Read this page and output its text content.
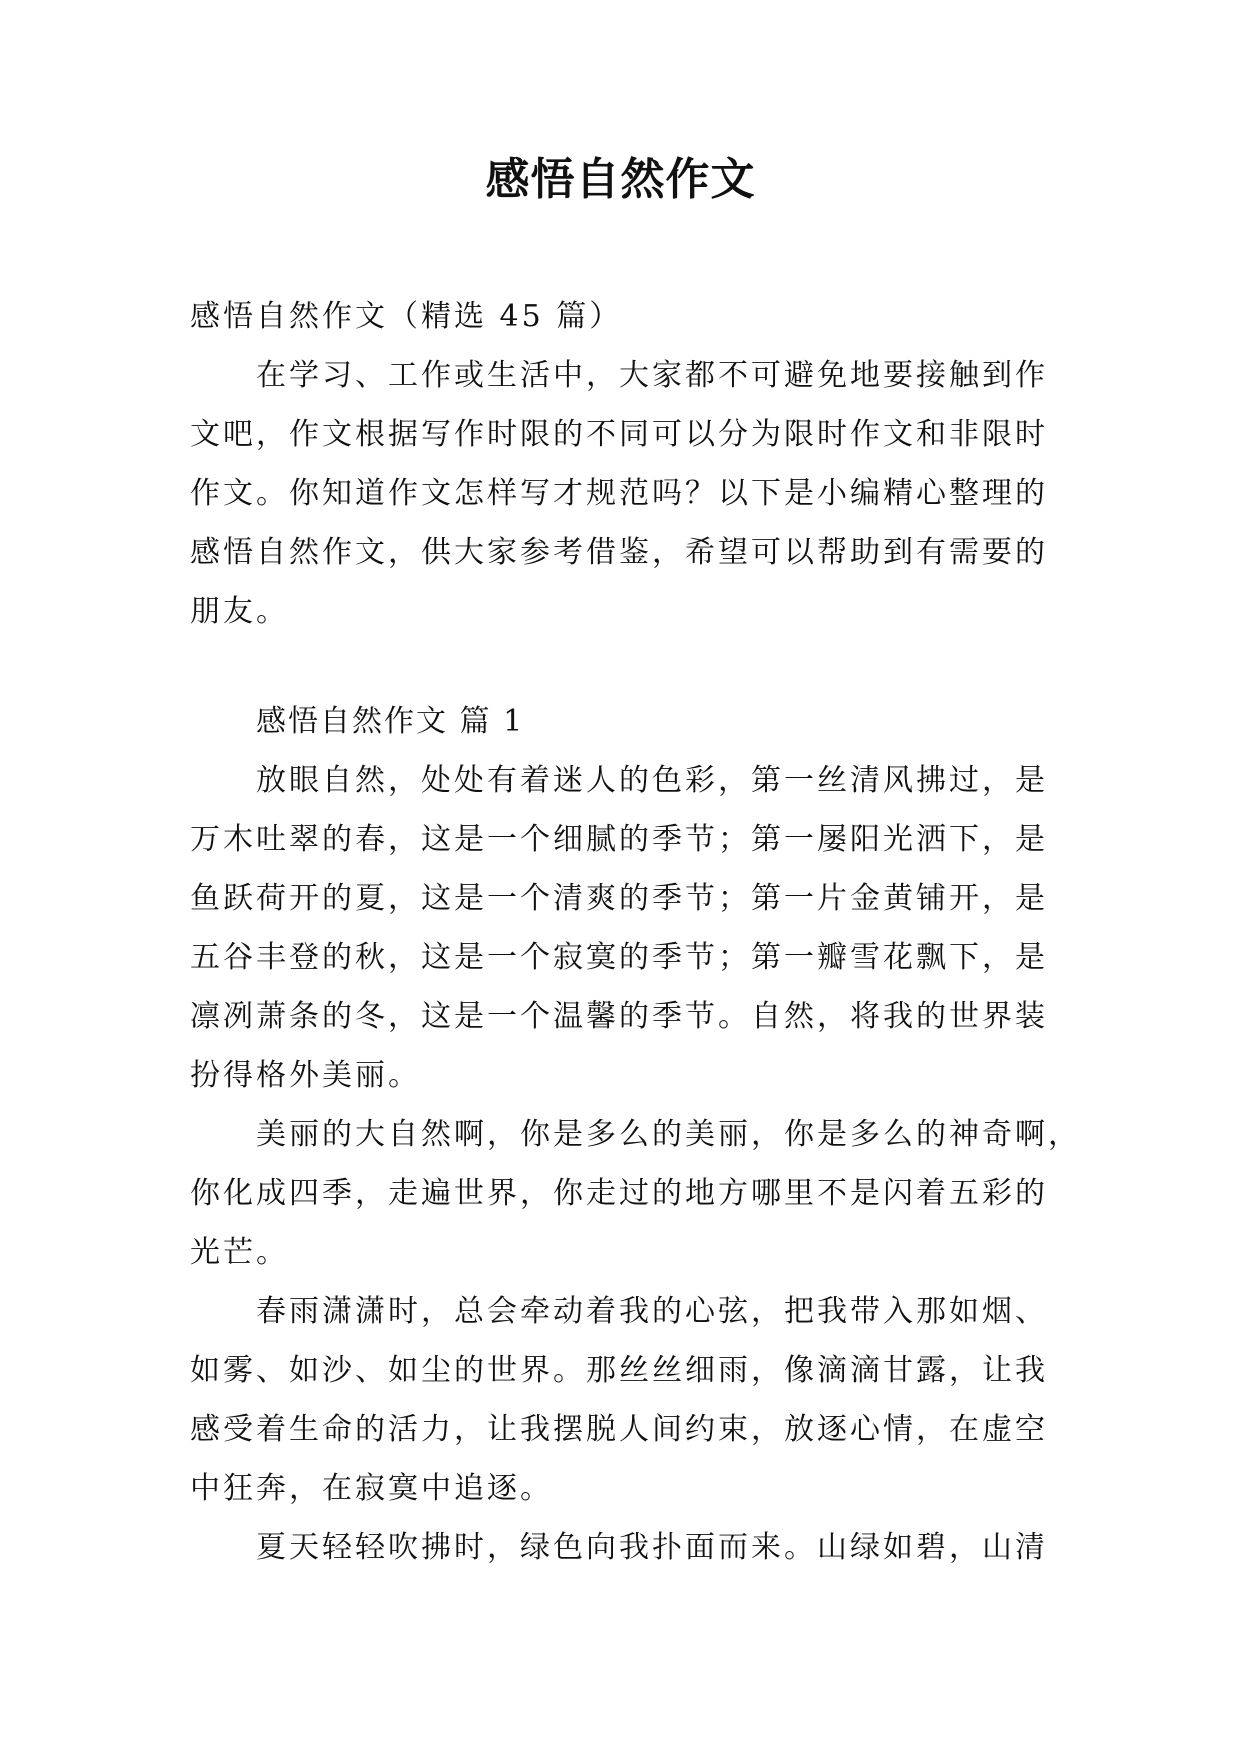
感悟自然作文
感悟自然作文（精选 45 篇）
在学习、工作或生活中，大家都不可避免地要接触到作
文吧，作文根据写作时限的不同可以分为限时作文和非限时
作文。你知道作文怎样写才规范吗？以下是小编精心整理的
感悟自然作文，供大家参考借鉴，希望可以帮助到有需要的
朋友。
感悟自然作文 篇 1
放眼自然，处处有着迷人的色彩，第一丝清风拂过，是
万木吐翠的春，这是一个细腻的季节；第一屡阳光洒下，是
鱼跃荷开的夏，这是一个清爽的季节；第一片金黄铺开，是
五谷丰登的秋，这是一个寂寞的季节；第一瓣雪花飘下，是
凛冽萧条的冬，这是一个温馨的季节。自然，将我的世界装
扮得格外美丽。
美丽的大自然啊，你是多么的美丽，你是多么的神奇啊，
你化成四季，走遍世界，你走过的地方哪里不是闪着五彩的
光芒。
春雨潇潇时，总会牵动着我的心弦，把我带入那如烟、
如雾、如沙、如尘的世界。那丝丝细雨，像滴滴甘露，让我
感受着生命的活力，让我摆脱人间约束，放逐心情，在虚空
中狂奔，在寂寞中追逐。
夏天轻轻吹拂时，绿色向我扑面而来。山绿如碧，山清
